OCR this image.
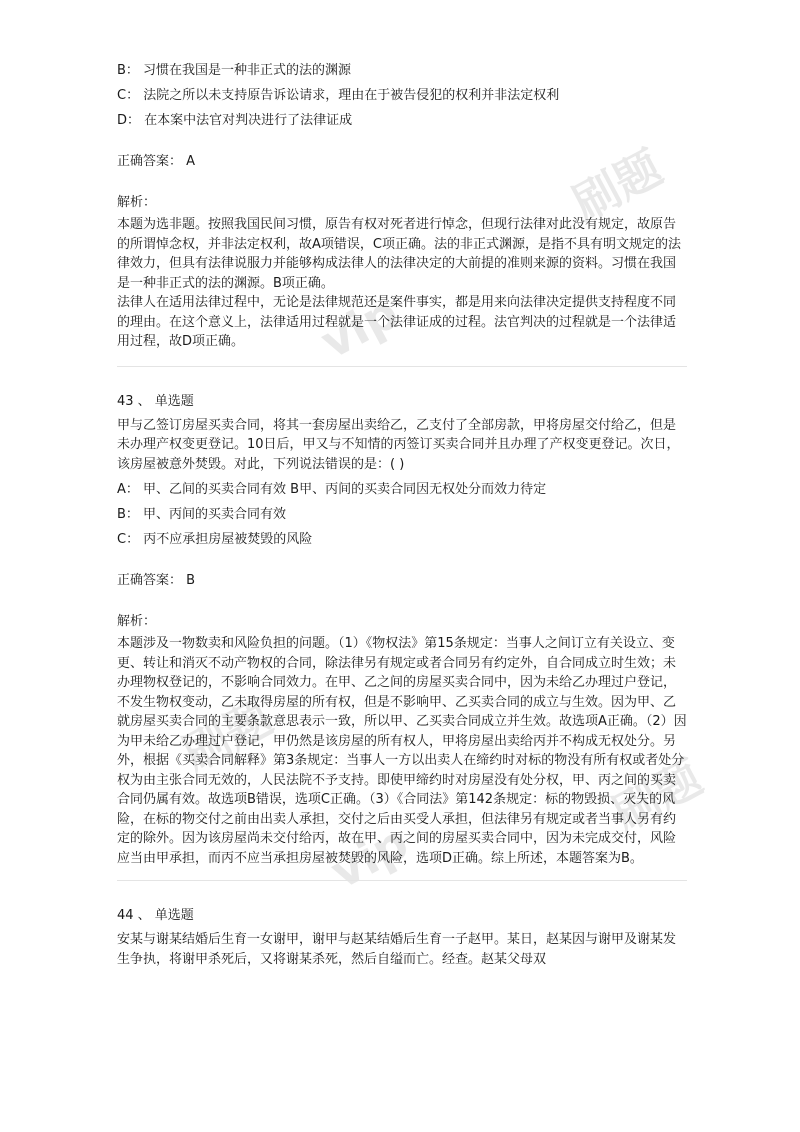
刷题
vip
刷题
vip
刷题
B： 习惯在我国是一种非正式的法的渊源
C： 法院之所以未支持原告诉讼请求，理由在于被告侵犯的权利并非法定权利
D： 在本案中法官对判决进行了法律证成
正确答案： A
解析：
本题为选非题。按照我国民间习惯，原告有权对死者进行悼念，但现行法律对此没有规定，故原告的所谓悼念权，并非法定权利，故A项错误，C项正确。法的非正式渊源，是指不具有明文规定的法律效力，但具有法律说服力并能够构成法律人的法律决定的大前提的准则来源的资料。习惯在我国是一种非正式的法的渊源。B项正确。
法律人在适用法律过程中，无论是法律规范还是案件事实，都是用来向法律决定提供支持程度不同的理由。在这个意义上，法律适用过程就是一个法律证成的过程。法官判决的过程就是一个法律适用过程，故D项正确。
43 、 单选题
甲与乙签订房屋买卖合同，将其一套房屋出卖给乙，乙支付了全部房款，甲将房屋交付给乙，但是未办理产权变更登记。10日后，甲又与不知情的丙签订买卖合同并且办理了产权变更登记。次日，该房屋被意外焚毁。对此，下列说法错误的是：( )
A： 甲、乙间的买卖合同有效 B甲、丙间的买卖合同因无权处分而效力待定
B： 甲、丙间的买卖合同有效
C： 丙不应承担房屋被焚毁的风险
正确答案： B
解析：
本题涉及一物数卖和风险负担的问题。（1）《物权法》第15条规定：当事人之间订立有关设立、变更、转让和消灭不动产物权的合同，除法律另有规定或者合同另有约定外，自合同成立时生效；未办理物权登记的，不影响合同效力。在甲、乙之间的房屋买卖合同中，因为未给乙办理过户登记，不发生物权变动，乙未取得房屋的所有权，但是不影响甲、乙买卖合同的成立与生效。因为甲、乙就房屋买卖合同的主要条款意思表示一致，所以甲、乙买卖合同成立并生效。故选项A正确。（2）因为甲未给乙办理过户登记，甲仍然是该房屋的所有权人，甲将房屋出卖给丙并不构成无权处分。另外，根据《买卖合同解释》第3条规定：当事人一方以出卖人在缔约时对标的物没有所有权或者处分权为由主张合同无效的，人民法院不予支持。即使甲缔约时对房屋没有处分权，甲、丙之间的买卖合同仍属有效。故选项B错误，选项C正确。（3）《合同法》第142条规定：标的物毁损、灭失的风险，在标的物交付之前由出卖人承担，交付之后由买受人承担，但法律另有规定或者当事人另有约定的除外。因为该房屋尚未交付给丙，故在甲、丙之间的房屋买卖合同中，因为未完成交付，风险应当由甲承担，而丙不应当承担房屋被焚毁的风险，选项D正确。综上所述，本题答案为B。
44 、 单选题
安某与谢某结婚后生育一女谢甲，谢甲与赵某结婚后生育一子赵甲。某日，赵某因与谢甲及谢某发生争执，将谢甲杀死后，又将谢某杀死，然后自缢而亡。经查。赵某父母双
